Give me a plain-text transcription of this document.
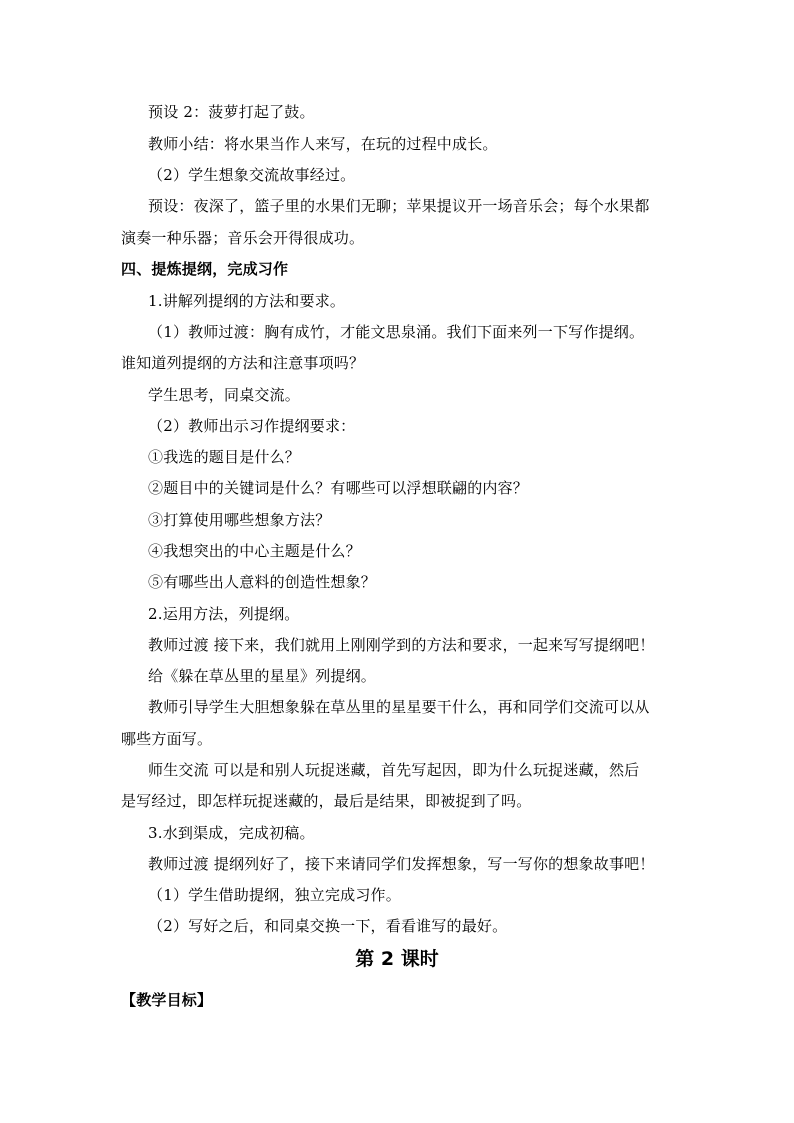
预设 2：菠萝打起了鼓。
教师小结：将水果当作人来写，在玩的过程中成长。
（2）学生想象交流故事经过。
预设：夜深了，篮子里的水果们无聊；苹果提议开一场音乐会；每个水果都
演奏一种乐器；音乐会开得很成功。
四、提炼提纲，完成习作
1.讲解列提纲的方法和要求。
（1）教师过渡：胸有成竹，才能文思泉涌。我们下面来列一下写作提纲。
谁知道列提纲的方法和注意事项吗？
学生思考，同桌交流。
（2）教师出示习作提纲要求：
①我选的题目是什么？
②题目中的关键词是什么？有哪些可以浮想联翩的内容？
③打算使用哪些想象方法？
④我想突出的中心主题是什么？
⑤有哪些出人意料的创造性想象？
2.运用方法，列提纲。
教师过渡 接下来，我们就用上刚刚学到的方法和要求，一起来写写提纲吧！
给《躲在草丛里的星星》列提纲。
教师引导学生大胆想象躲在草丛里的星星要干什么，再和同学们交流可以从
哪些方面写。
师生交流 可以是和别人玩捉迷藏，首先写起因，即为什么玩捉迷藏，然后
是写经过，即怎样玩捉迷藏的，最后是结果，即被捉到了吗。
3.水到渠成，完成初稿。
教师过渡 提纲列好了，接下来请同学们发挥想象，写一写你的想象故事吧！
（1）学生借助提纲，独立完成习作。
（2）写好之后，和同桌交换一下，看看谁写的最好。
第 2 课时
【教学目标】
